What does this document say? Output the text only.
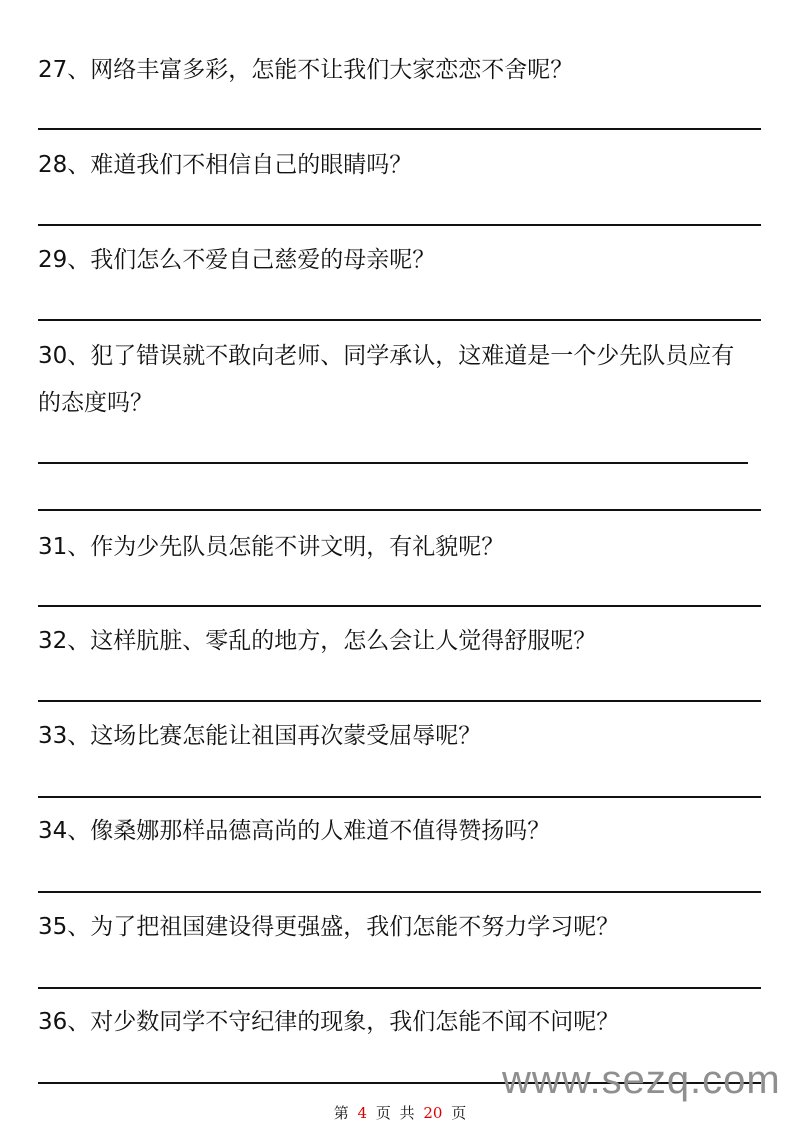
27、网络丰富多彩，怎能不让我们大家恋恋不舍呢？
28、难道我们不相信自己的眼睛吗？
29、我们怎么不爱自己慈爱的母亲呢？
30、犯了错误就不敢向老师、同学承认，这难道是一个少先队员应有
的态度吗？
31、作为少先队员怎能不讲文明，有礼貌呢？
32、这样肮脏、零乱的地方，怎么会让人觉得舒服呢？
33、这场比赛怎能让祖国再次蒙受屈辱呢？
34、像桑娜那样品德高尚的人难道不值得赞扬吗？
35、为了把祖国建设得更强盛，我们怎能不努力学习呢？
36、对少数同学不守纪律的现象，我们怎能不闻不问呢？
www.sezq.com
第 4 页 共 20 页
